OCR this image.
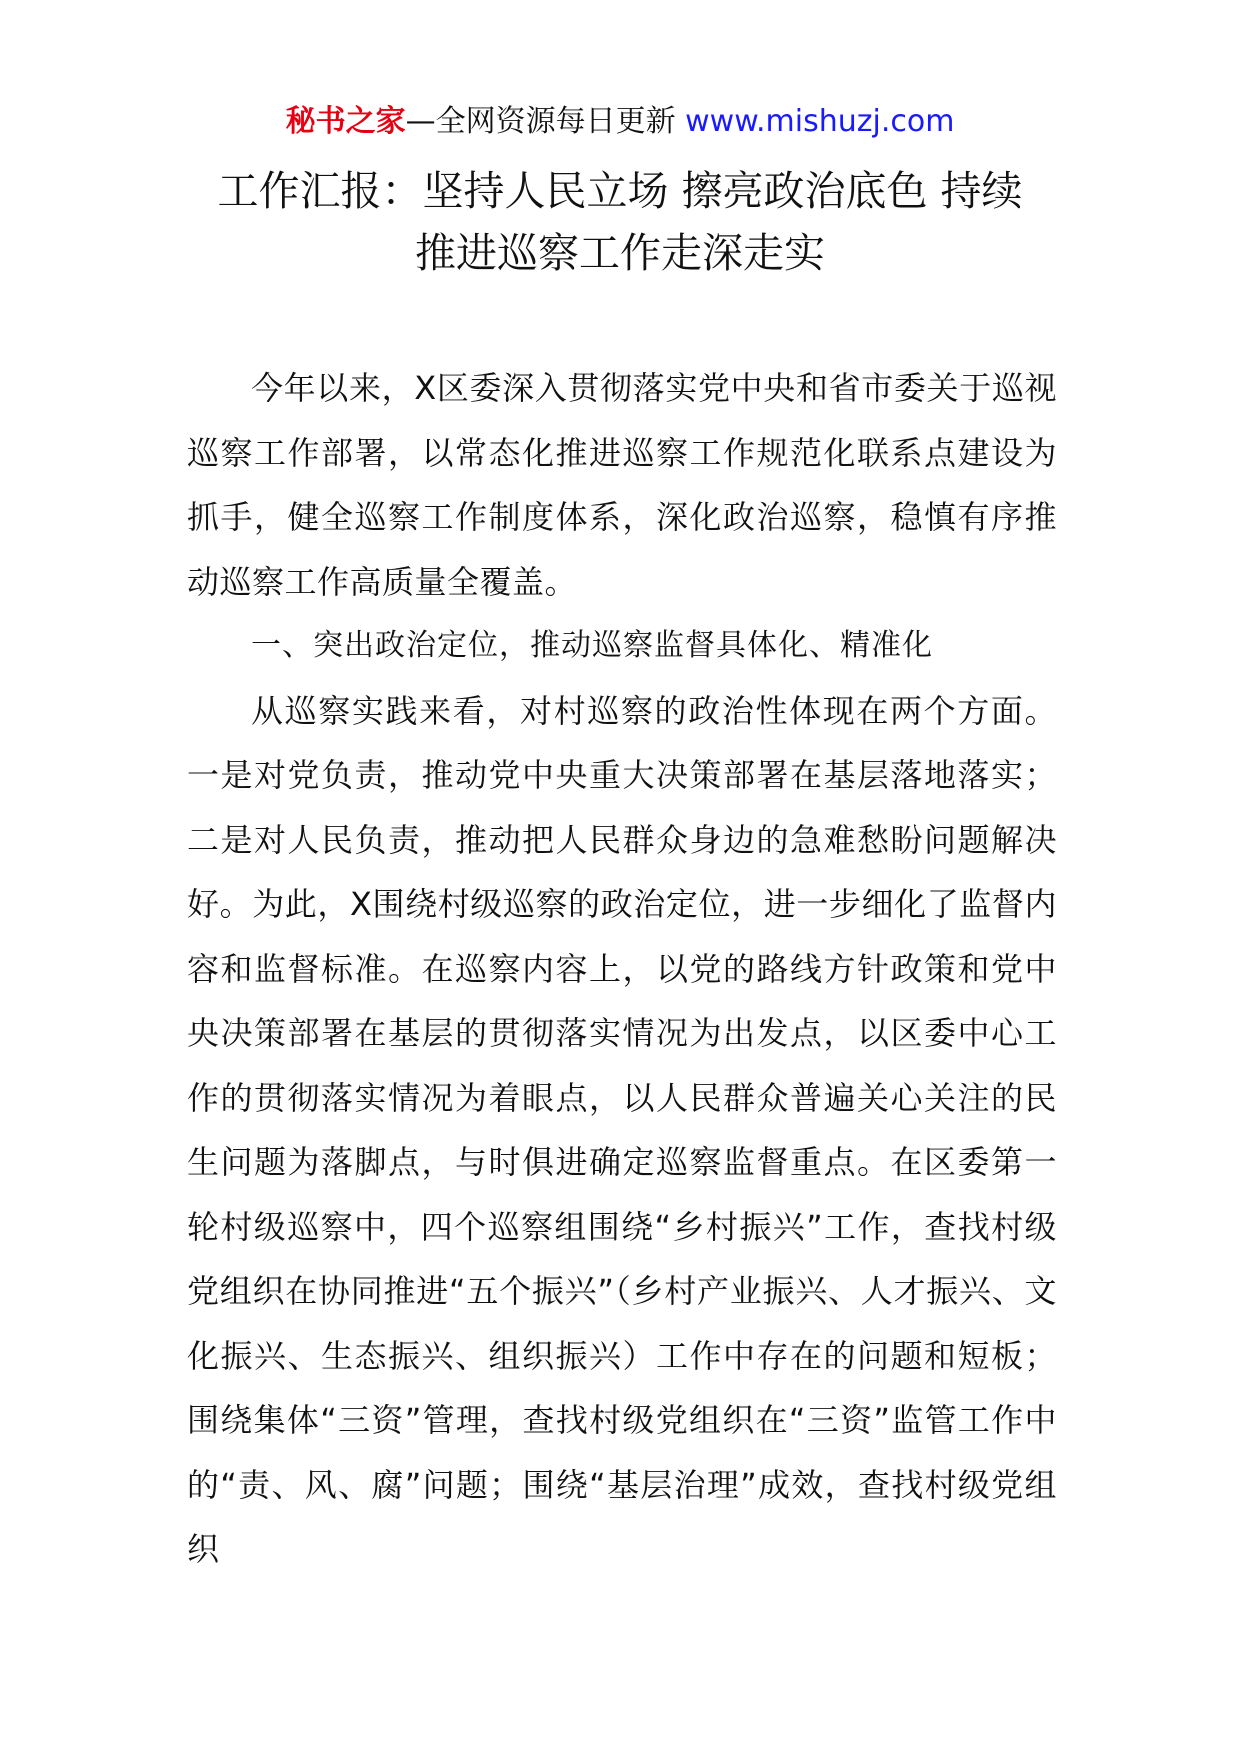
秘书之家—全网资源每日更新 www.mishuzj.com
工作汇报：坚持人民立场 擦亮政治底色 持续
推进巡察工作走深走实

今年以来，X区委深入贯彻落实党中央和省市委关于巡视巡察工作部署，以常态化推进巡察工作规范化联系点建设为抓手，健全巡察工作制度体系，深化政治巡察，稳慎有序推动巡察工作高质量全覆盖。

一、突出政治定位，推动巡察监督具体化、精准化

从巡察实践来看，对村巡察的政治性体现在两个方面。一是对党负责，推动党中央重大决策部署在基层落地落实；二是对人民负责，推动把人民群众身边的急难愁盼问题解决好。为此，X围绕村级巡察的政治定位，进一步细化了监督内容和监督标准。在巡察内容上，以党的路线方针政策和党中央决策部署在基层的贯彻落实情况为出发点，以区委中心工作的贯彻落实情况为着眼点，以人民群众普遍关心关注的民生问题为落脚点，与时俱进确定巡察监督重点。在区委第一轮村级巡察中，四个巡察组围绕“乡村振兴”工作，查找村级党组织在协同推进“五个振兴”（乡村产业振兴、人才振兴、文化振兴、生态振兴、组织振兴）工作中存在的问题和短板；围绕集体“三资”管理，查找村级党组织在“三资”监管工作中的“责、风、腐”问题；围绕“基层治理”成效，查找村级党组织
